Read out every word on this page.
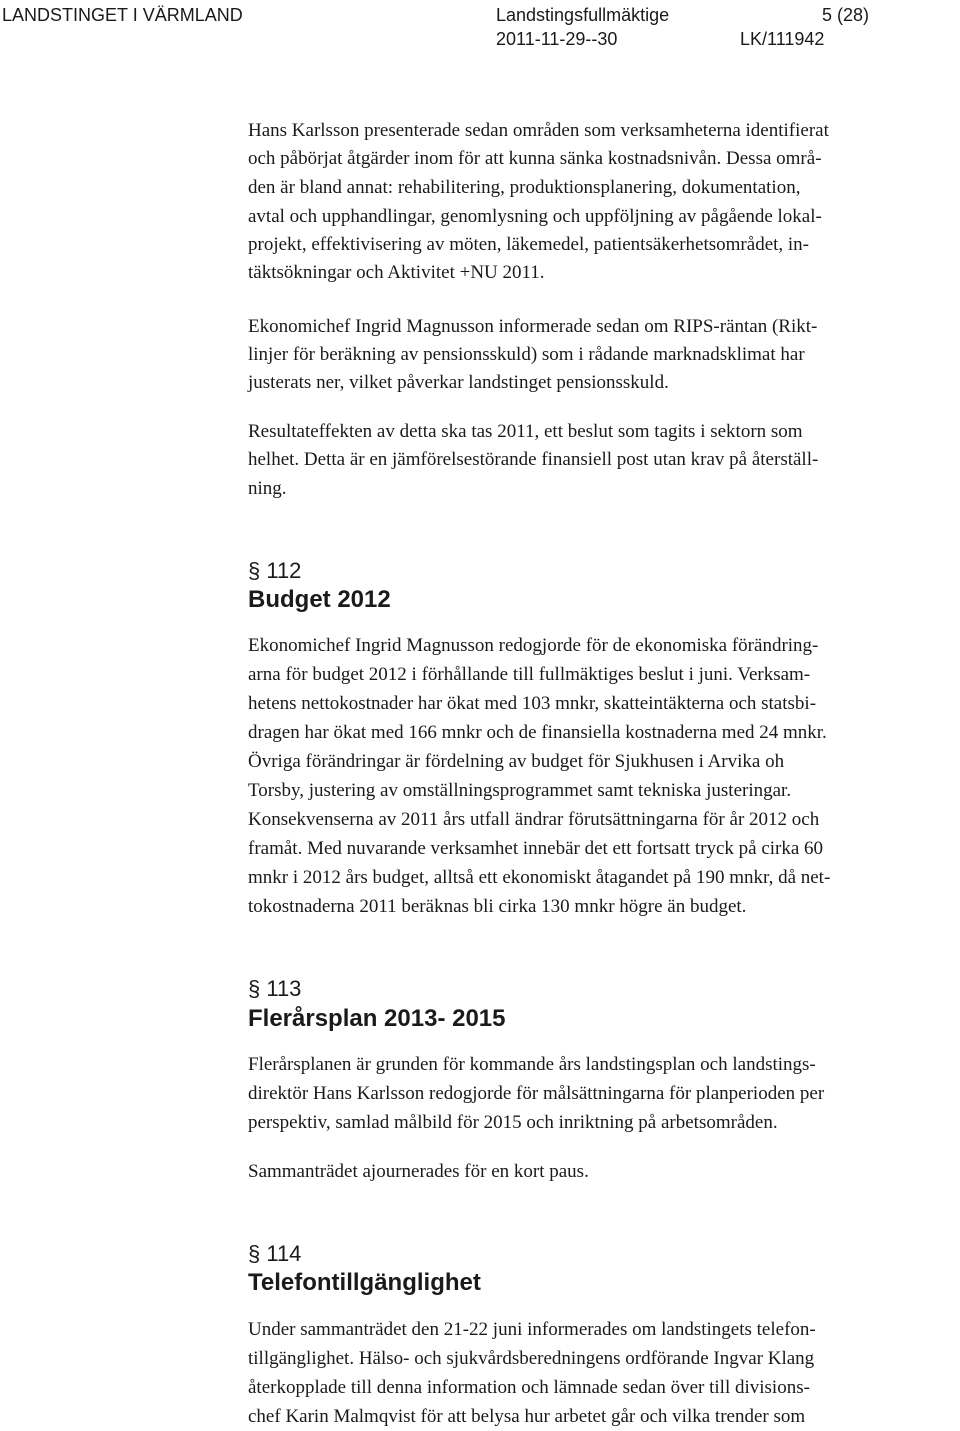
LANDSTINGET I VÄRMLAND	Landstingsfullmäktige
2011-11-29--30
5 (28)
LK/111942
Hans Karlsson presenterade sedan områden som verksamheterna identifierat
och påbörjat åtgärder inom för att kunna sänka kostnadsnivån. Dessa områ-
den är bland annat: rehabilitering, produktionsplanering, dokumentation,
avtal och upphandlingar, genomlysning och uppföljning av pågående lokal-
projekt, effektivisering av möten, läkemedel, patientsäkerhetsområdet, in-
täktsökningar och Aktivitet +NU 2011.
Ekonomichef Ingrid Magnusson informerade sedan om RIPS-räntan (Rikt-
linjer för beräkning av pensionsskuld) som i rådande marknadsklimat har
justerats ner, vilket påverkar landstinget pensionsskuld.
Resultateffekten av detta ska tas 2011, ett beslut som tagits i sektorn som
helhet. Detta är en jämförelsestörande finansiell post utan krav på återställ-
ning.
§ 112
Budget 2012
Ekonomichef Ingrid Magnusson redogjorde för de ekonomiska förändring-
arna för budget 2012 i förhållande till fullmäktiges beslut i juni. Verksam-
hetens nettokostnader har ökat med 103 mnkr, skatteintäkterna och statsbi-
dragen har ökat med 166 mnkr och de finansiella kostnaderna med 24 mnkr.
Övriga förändringar är fördelning av budget för Sjukhusen i Arvika oh
Torsby, justering av omställningsprogrammet samt tekniska justeringar.
Konsekvenserna av 2011 års utfall ändrar förutsättningarna för år 2012 och
framåt. Med nuvarande verksamhet innebär det ett fortsatt tryck på cirka 60
mnkr i 2012 års budget, alltså ett ekonomiskt åtagandet på 190 mnkr, då net-
tokostnaderna 2011 beräknas bli cirka 130 mnkr högre än budget.
§ 113
Flerårsplan 2013- 2015
Flerårsplanen är grunden för kommande års landstingsplan och landstings-
direktör Hans Karlsson redogjorde för målsättningarna för planperioden per
perspektiv, samlad målbild för 2015 och inriktning på arbetsområden.
Sammanträdet ajournerades för en kort paus.
§ 114
Telefontillgänglighet
Under sammanträdet den 21-22 juni informerades om landstingets telefon-
tillgänglighet. Hälso- och sjukvårdsberedningens ordförande Ingvar Klang
återkopplade till denna information och lämnade sedan över till divisions-
chef Karin Malmqvist för att belysa hur arbetet går och vilka trender som
